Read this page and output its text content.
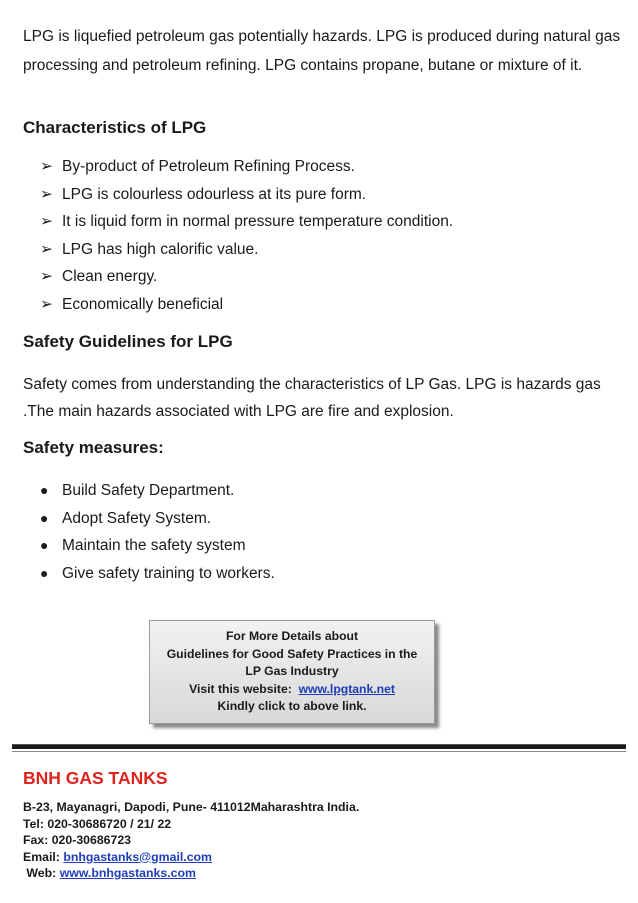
LPG is liquefied petroleum gas potentially hazards. LPG is produced during natural gas processing and petroleum refining. LPG contains propane, butane or mixture of it.
Characteristics of LPG
➢ By-product of Petroleum Refining Process.
➢ LPG is colourless odourless at its pure form.
➢ It is liquid form in normal pressure temperature condition.
➢ LPG has high calorific value.
➢ Clean energy.
➢ Economically beneficial
Safety Guidelines for LPG
Safety comes from understanding the characteristics of LP Gas. LPG is hazards gas .The main hazards associated with LPG are fire and explosion.
Safety measures:
● Build Safety Department.
● Adopt Safety System.
● Maintain the safety system
● Give safety training to workers.
For More Details about
Guidelines for Good Safety Practices in the
LP Gas Industry
Visit this website: www.lpgtank.net
Kindly click to above link.
BNH GAS TANKS
B-23, Mayanagri, Dapodi, Pune- 411012Maharashtra India.
Tel: 020-30686720 / 21/ 22
Fax: 020-30686723
Email: bnhgastanks@gmail.com
Web: www.bnhgastanks.com
